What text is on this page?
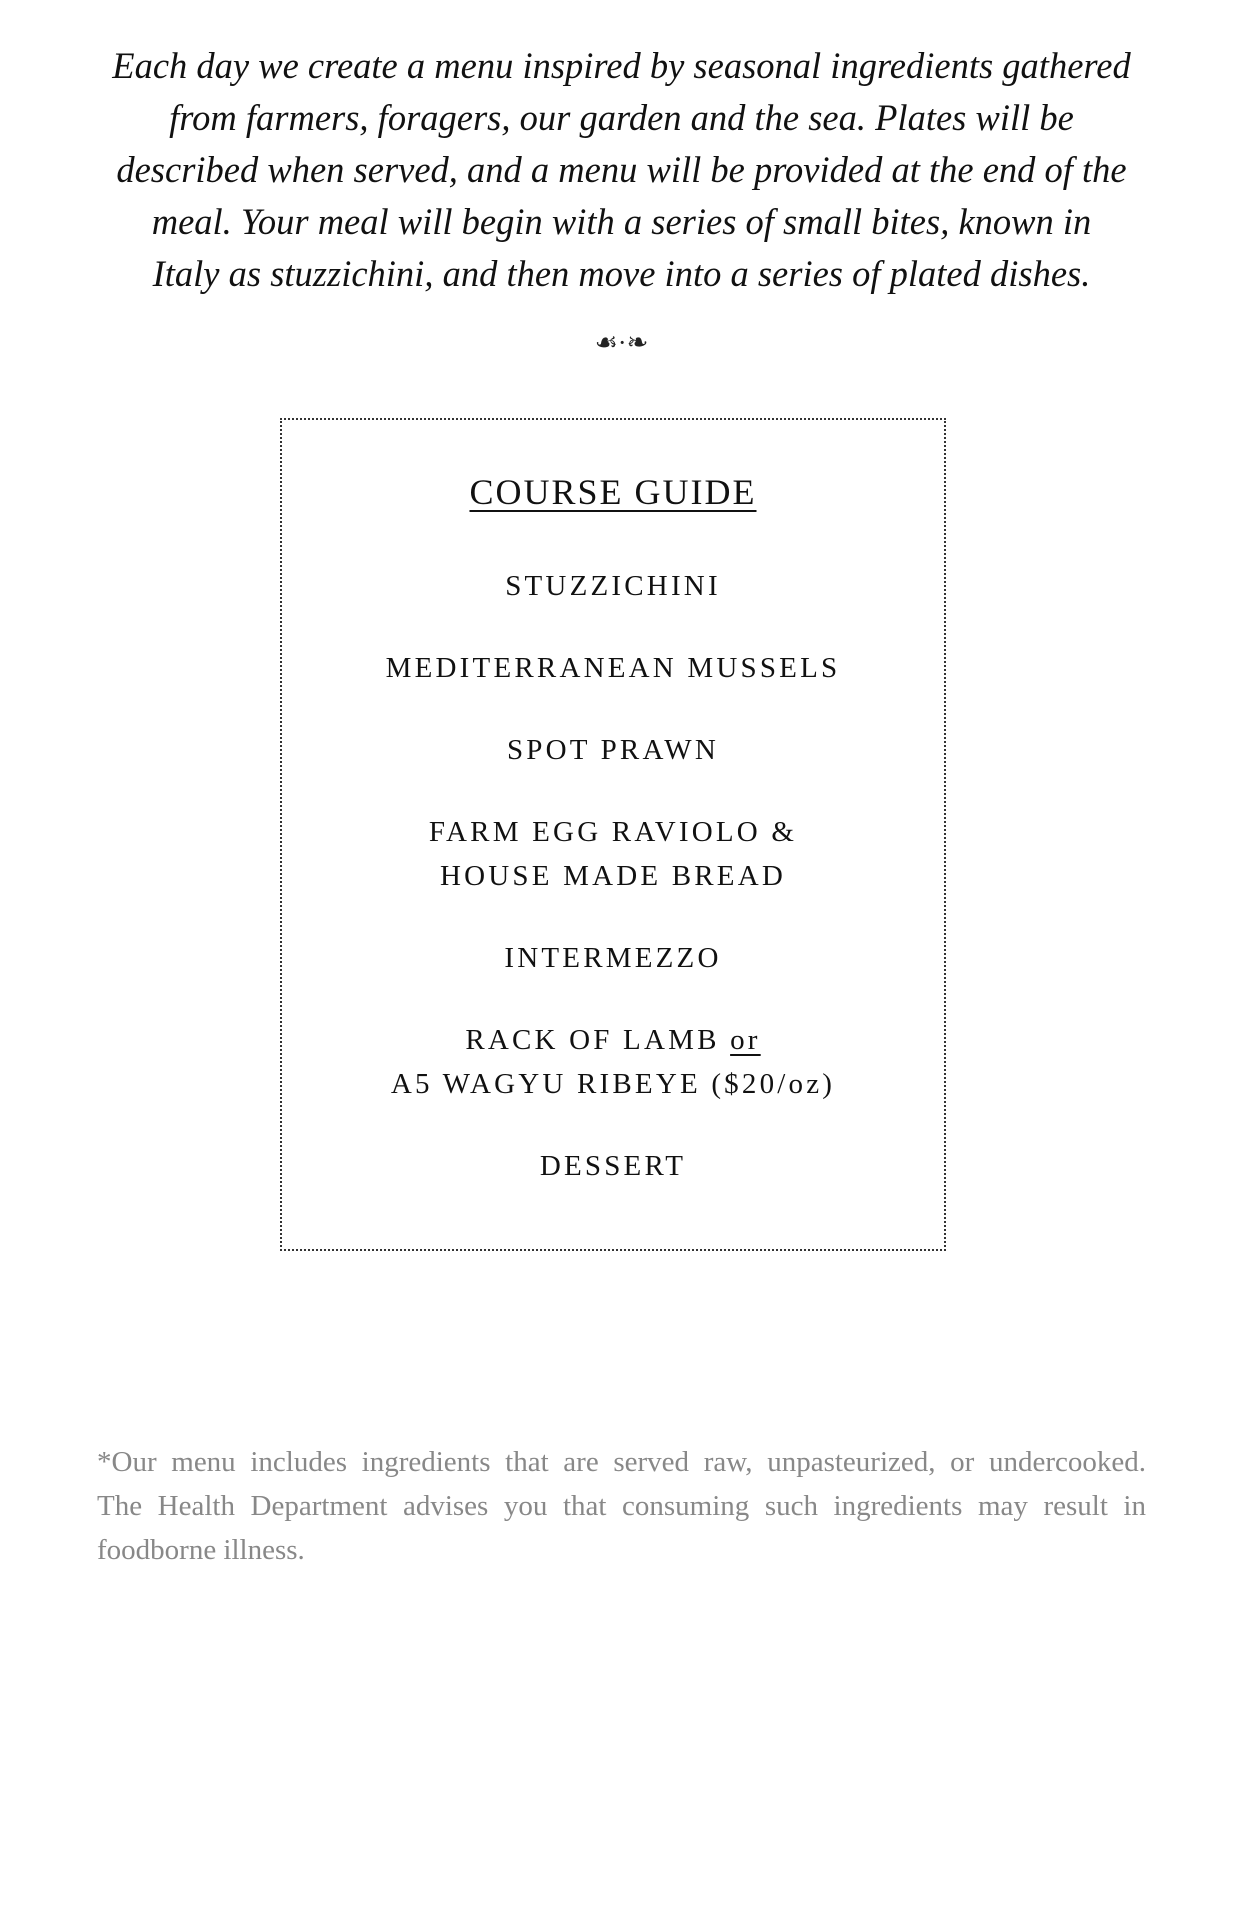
Each day we create a menu inspired by seasonal ingredients gathered
from farmers, foragers, our garden and the sea. Plates will be
described when served, and a menu will be provided at the end of the
meal. Your meal will begin with a series of small bites, known in
Italy as stuzzichini, and then move into a series of plated dishes.

☙·❧
COURSE GUIDE

STUZZICHINI

MEDITERRANEAN MUSSELS

SPOT PRAWN

FARM EGG RAVIOLO &
HOUSE MADE BREAD

INTERMEZZO

RACK OF LAMB or
A5 WAGYU RIBEYE ($20/oz)

DESSERT

*Our menu includes ingredients that are served raw, unpasteurized, or undercooked.
The Health Department advises you that consuming such ingredients may result in
foodborne illness.
